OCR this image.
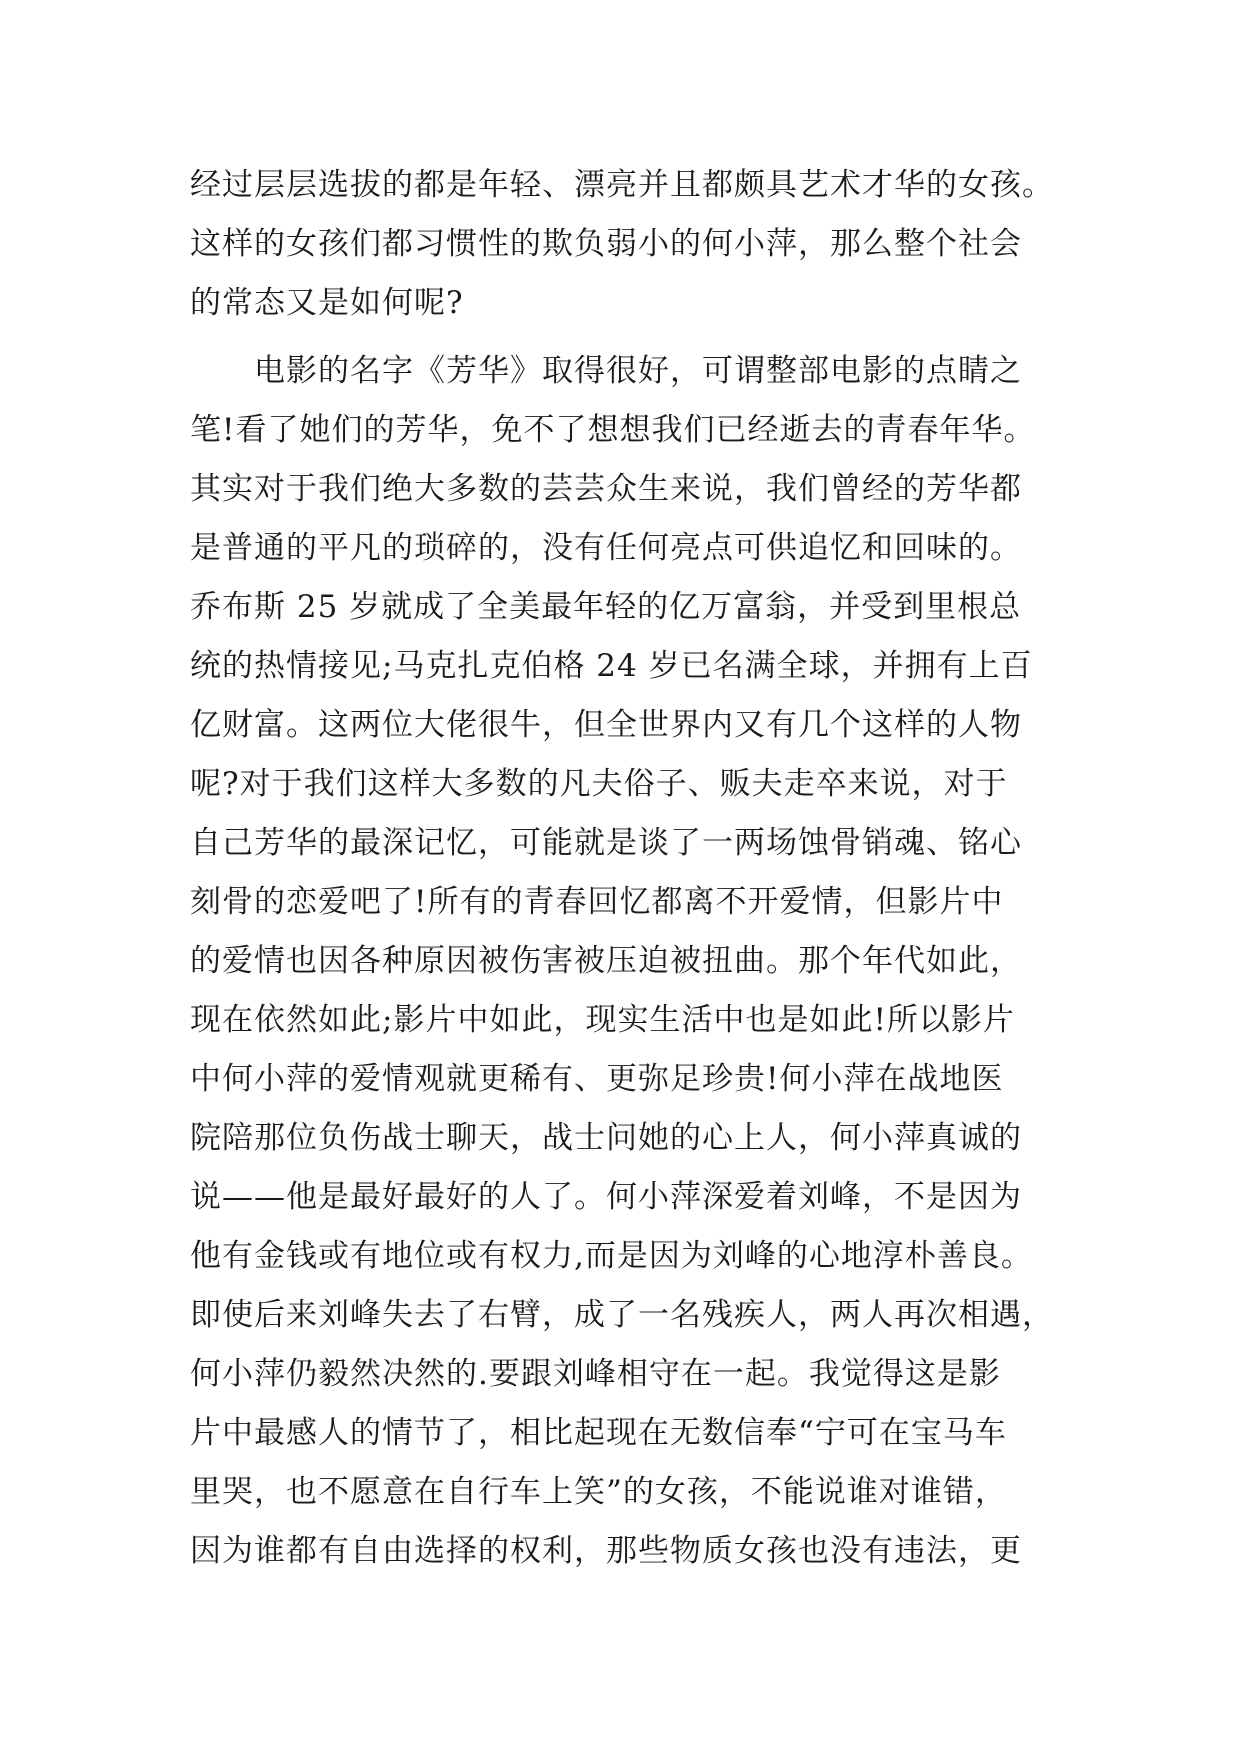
经过层层选拔的都是年轻、漂亮并且都颇具艺术才华的女孩。
这样的女孩们都习惯性的欺负弱小的何小萍，那么整个社会
的常态又是如何呢?
　　电影的名字《芳华》取得很好，可谓整部电影的点睛之
笔!看了她们的芳华，免不了想想我们已经逝去的青春年华。
其实对于我们绝大多数的芸芸众生来说，我们曾经的芳华都
是普通的平凡的琐碎的，没有任何亮点可供追忆和回味的。
乔布斯 25 岁就成了全美最年轻的亿万富翁，并受到里根总
统的热情接见;马克扎克伯格 24 岁已名满全球，并拥有上百
亿财富。这两位大佬很牛，但全世界内又有几个这样的人物
呢?对于我们这样大多数的凡夫俗子、贩夫走卒来说，对于
自己芳华的最深记忆，可能就是谈了一两场蚀骨销魂、铭心
刻骨的恋爱吧了!所有的青春回忆都离不开爱情，但影片中
的爱情也因各种原因被伤害被压迫被扭曲。那个年代如此，
现在依然如此;影片中如此，现实生活中也是如此!所以影片
中何小萍的爱情观就更稀有、更弥足珍贵!何小萍在战地医
院陪那位负伤战士聊天，战士问她的心上人，何小萍真诚的
说——他是最好最好的人了。何小萍深爱着刘峰，不是因为
他有金钱或有地位或有权力,而是因为刘峰的心地淳朴善良。
即使后来刘峰失去了右臂，成了一名残疾人，两人再次相遇，
何小萍仍毅然决然的.要跟刘峰相守在一起。我觉得这是影
片中最感人的情节了，相比起现在无数信奉“宁可在宝马车
里哭，也不愿意在自行车上笑”的女孩，不能说谁对谁错，
因为谁都有自由选择的权利，那些物质女孩也没有违法，更
